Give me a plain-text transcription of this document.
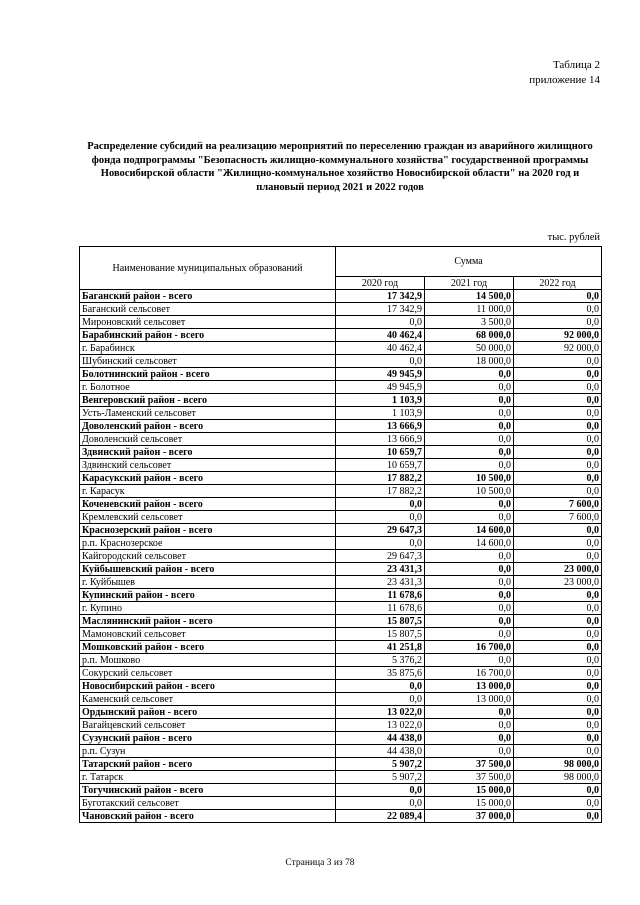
Таблица 2
приложение 14
Распределение субсидий на реализацию мероприятий по переселению граждан из аварийного жилищного фонда подпрограммы "Безопасность жилищно-коммунального хозяйства" государственной программы Новосибирской области "Жилищно-коммунальное хозяйство Новосибирской области" на 2020 год и плановый период 2021 и 2022 годов
тыс. рублей
Наименование муниципальных образований	Сумма		
	2020 год	2021 год	2022 год
Баганский район - всего	17 342,9	14 500,0	0,0
Баганский сельсовет	17 342,9	11 000,0	0,0
Мироновский сельсовет	0,0	3 500,0	0,0
Барабинский район - всего	40 462,4	68 000,0	92 000,0
г. Барабинск	40 462,4	50 000,0	92 000,0
Шубинский сельсовет	0,0	18 000,0	0,0
Болотнинский район - всего	49 945,9	0,0	0,0
г. Болотное	49 945,9	0,0	0,0
Венгеровский район - всего	1 103,9	0,0	0,0
Усть-Ламенский сельсовет	1 103,9	0,0	0,0
Доволенский район - всего	13 666,9	0,0	0,0
Доволенский сельсовет	13 666,9	0,0	0,0
Здвинский район - всего	10 659,7	0,0	0,0
Здвинский сельсовет	10 659,7	0,0	0,0
Карасукский район - всего	17 882,2	10 500,0	0,0
г. Карасук	17 882,2	10 500,0	0,0
Коченевский район - всего	0,0	0,0	7 600,0
Кремлевский сельсовет	0,0	0,0	7 600,0
Краснозерский район - всего	29 647,3	14 600,0	0,0
р.п. Краснозерское	0,0	14 600,0	0,0
Кайгородский сельсовет	29 647,3	0,0	0,0
Куйбышевский район - всего	23 431,3	0,0	23 000,0
г. Куйбышев	23 431,3	0,0	23 000,0
Купинский район - всего	11 678,6	0,0	0,0
г. Купино	11 678,6	0,0	0,0
Маслянинский район - всего	15 807,5	0,0	0,0
Мамоновский сельсовет	15 807,5	0,0	0,0
Мошковский район - всего	41 251,8	16 700,0	0,0
р.п. Мошково	5 376,2	0,0	0,0
Сокурский сельсовет	35 875,6	16 700,0	0,0
Новосибирский район - всего	0,0	13 000,0	0,0
Каменский сельсовет	0,0	13 000,0	0,0
Ордынский район - всего	13 022,0	0,0	0,0
Вагайцевский сельсовет	13 022,0	0,0	0,0
Сузунский район - всего	44 438,0	0,0	0,0
р.п. Сузун	44 438,0	0,0	0,0
Татарский район - всего	5 907,2	37 500,0	98 000,0
г. Татарск	5 907,2	37 500,0	98 000,0
Тогучинский район - всего	0,0	15 000,0	0,0
Буготакский сельсовет	0,0	15 000,0	0,0
Чановский район - всего	22 089,4	37 000,0	0,0
Страница 3 из 78
